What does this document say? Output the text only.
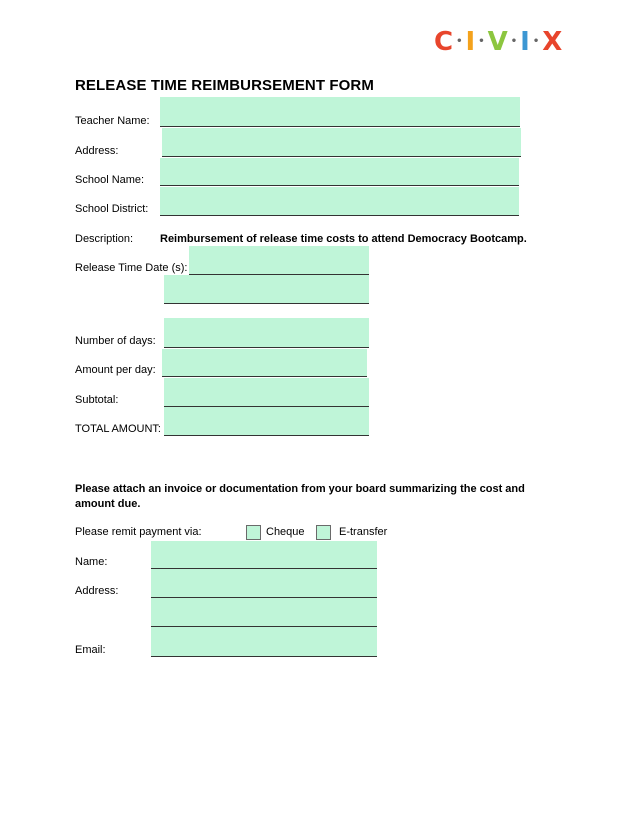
C • I • V • I • X
RELEASE TIME REIMBURSEMENT FORM
Teacher Name:
Address:
School Name:
School District:
Description: Reimbursement of release time costs to attend Democracy Bootcamp.
Release Time Date (s):
Number of days:
Amount per day:
Subtotal:
TOTAL AMOUNT:
Please attach an invoice or documentation from your board summarizing the cost and amount due.
Please remit payment via:	Cheque	E-transfer
Name:
Address:
Email:
